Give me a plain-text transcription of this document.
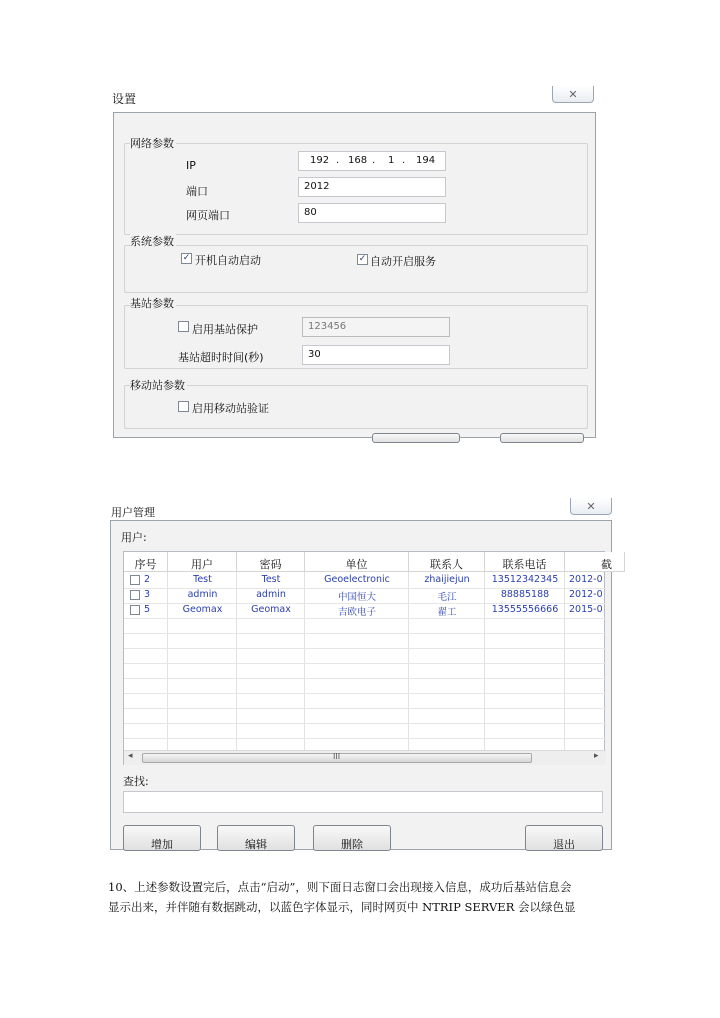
设置	✕
网络参数
IP	192 . 168 . 1 . 194
端口	2012
网页端口	80
系统参数
✓ 开机自动启动	✓ 自动开启服务
基站参数
启用基站保护	123456
基站超时时间(秒)	30
移动站参数
启用移动站验证
用户管理	✕
用户:
序号	用户	密码	单位	联系人	联系电话	截
2	Test	Test	Geoelectronic	zhaijiejun	13512342345	2012-0
3	admin	admin	中国恒大	毛江	88885188	2012-0
5	Geomax	Geomax	吉欧电子	翟工	13555556666	2015-0
◂	III	▸
查找:
增加	编辑	删除	退出
10、上述参数设置完后，点击“启动”，则下面日志窗口会出现接入信息，成功后基站信息会
显示出来，并伴随有数据跳动，以蓝色字体显示，同时网页中 NTRIP SERVER 会以绿色显
